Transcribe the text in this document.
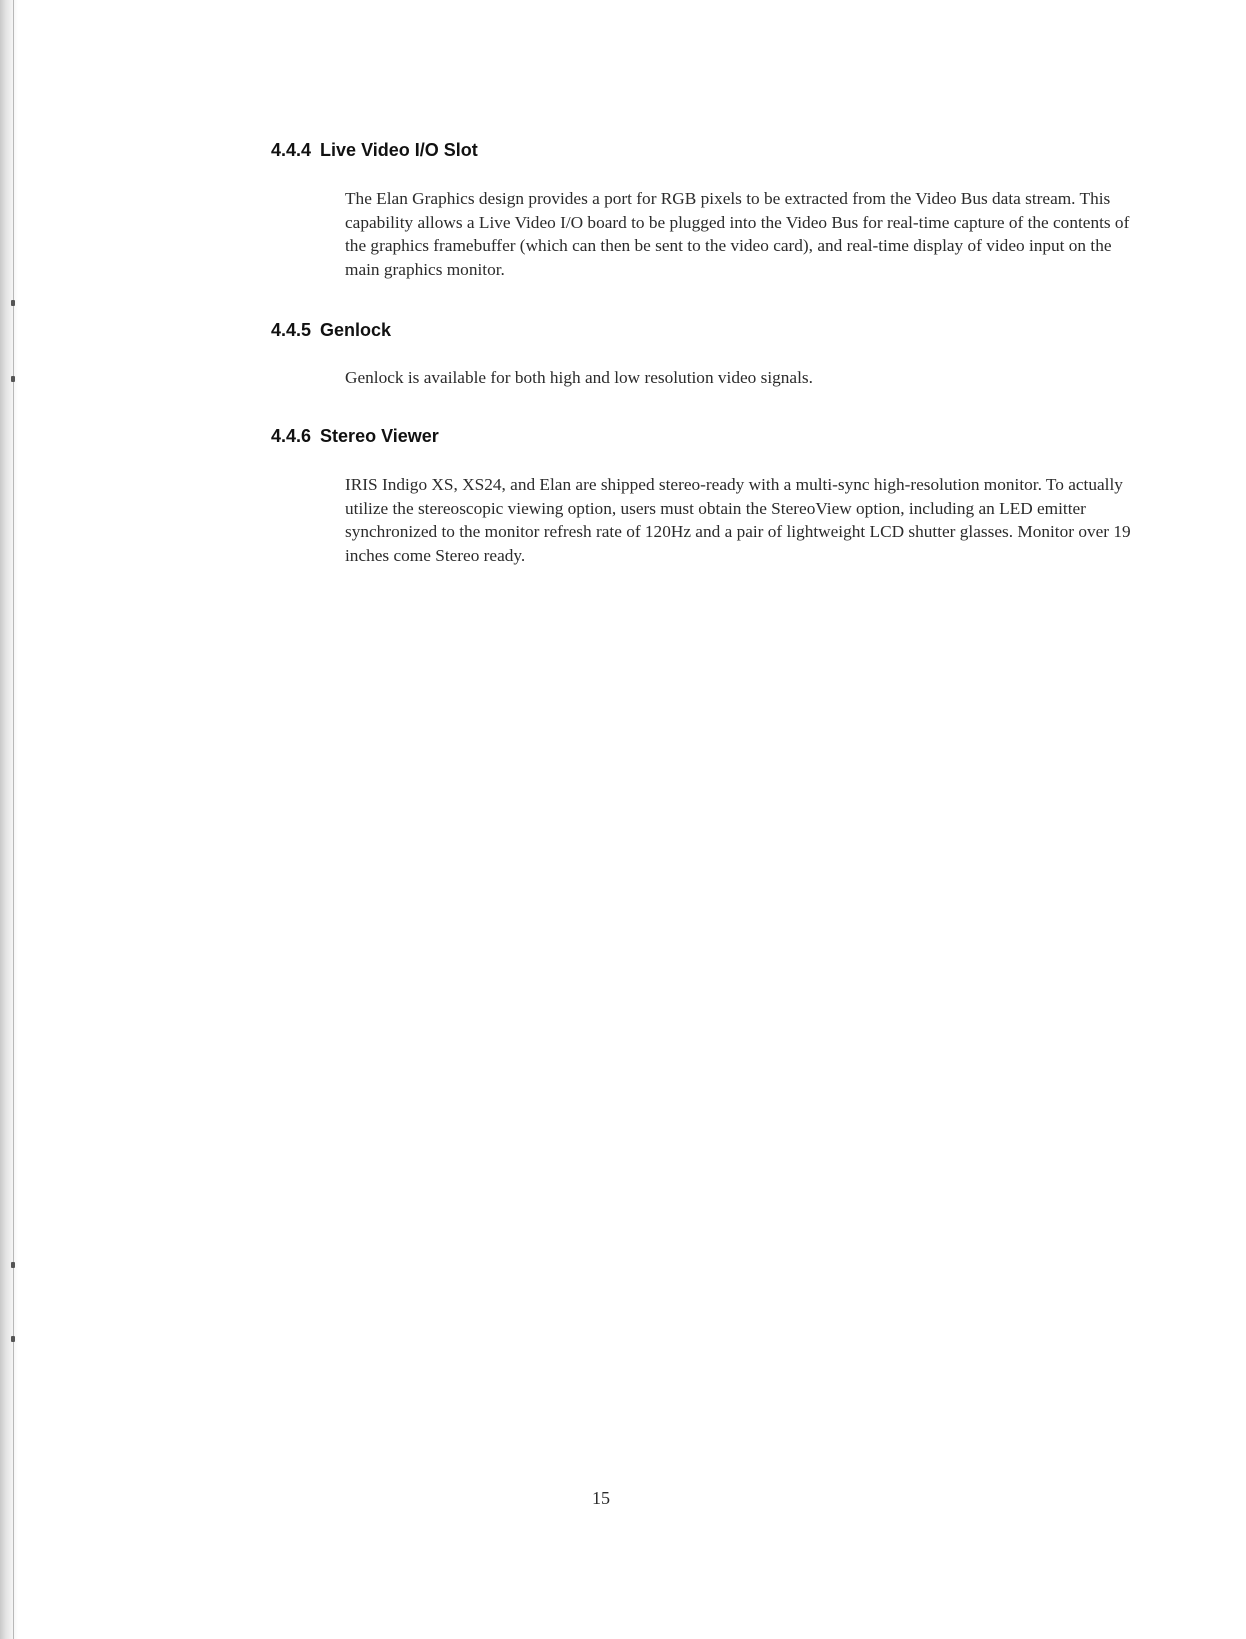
4.4.4 Live Video I/O Slot

The Elan Graphics design provides a port for RGB pixels to be extracted from the Video Bus data stream. This capability allows a Live Video I/O board to be plugged into the Video Bus for real-time capture of the contents of the graphics framebuffer (which can then be sent to the video card), and real-time display of video input on the main graphics monitor.

4.4.5 Genlock

Genlock is available for both high and low resolution video signals.

4.4.6 Stereo Viewer

IRIS Indigo XS, XS24, and Elan are shipped stereo-ready with a multi-sync high-resolution monitor. To actually utilize the stereoscopic viewing option, users must obtain the StereoView option, including an LED emitter synchronized to the monitor refresh rate of 120Hz and a pair of lightweight LCD shutter glasses. Monitor over 19 inches come Stereo ready.

15
